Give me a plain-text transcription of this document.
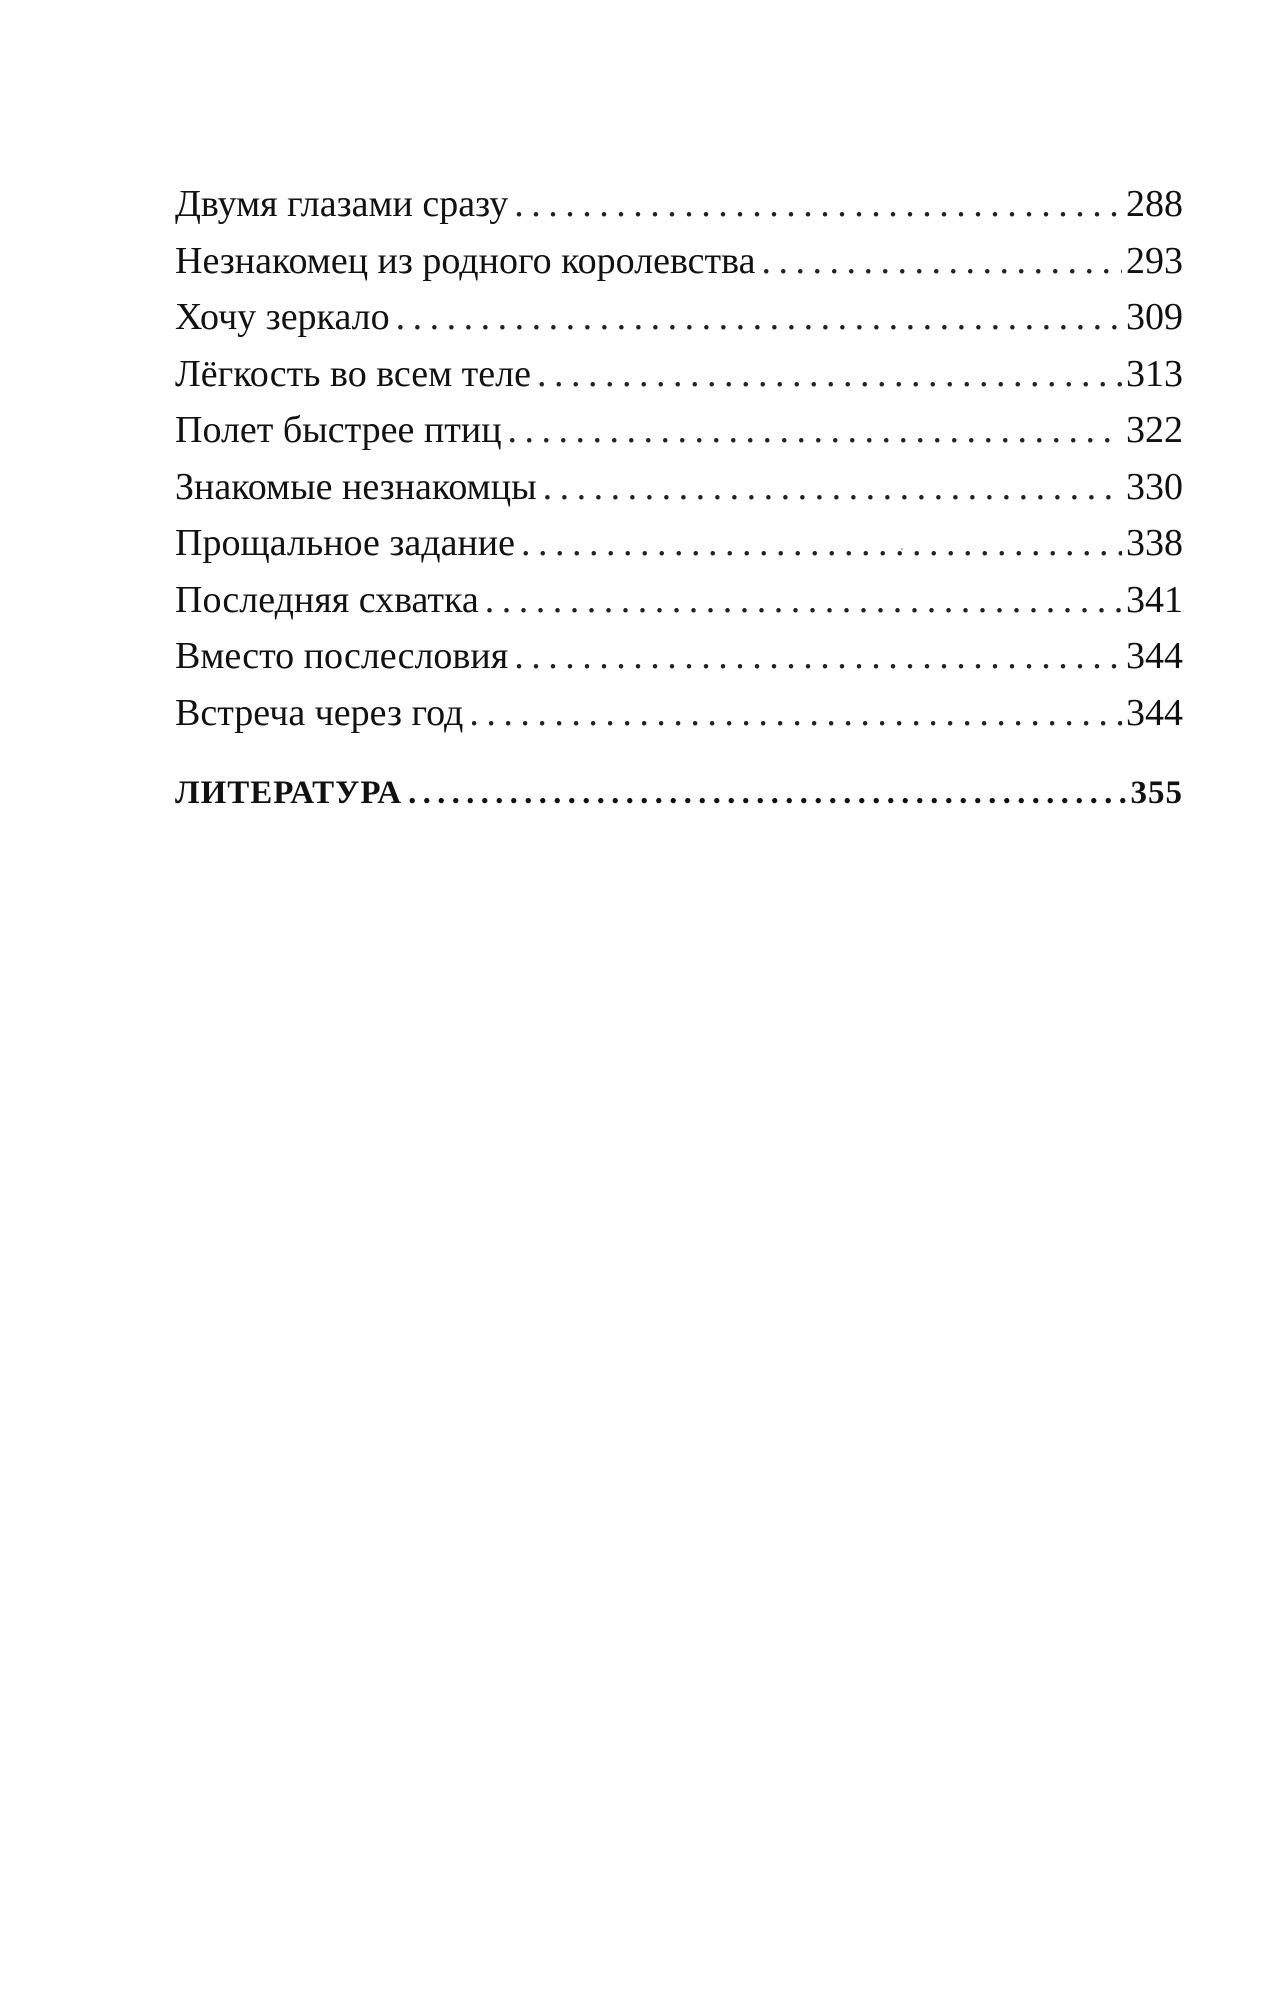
Двумя глазами сразу . . .	288
Незнакомец из родного королевства . . .	293
Хочу зеркало . . .	309
Лёгкость во всем теле . . .	313
Полет быстрее птиц . . .	322
Знакомые незнакомцы . . .	330
Прощальное задание . . .	338
Последняя схватка . . .	341
Вместо послесловия . . .	344
Встреча через год . . .	344
ЛИТЕРАТУРА . . .	355
